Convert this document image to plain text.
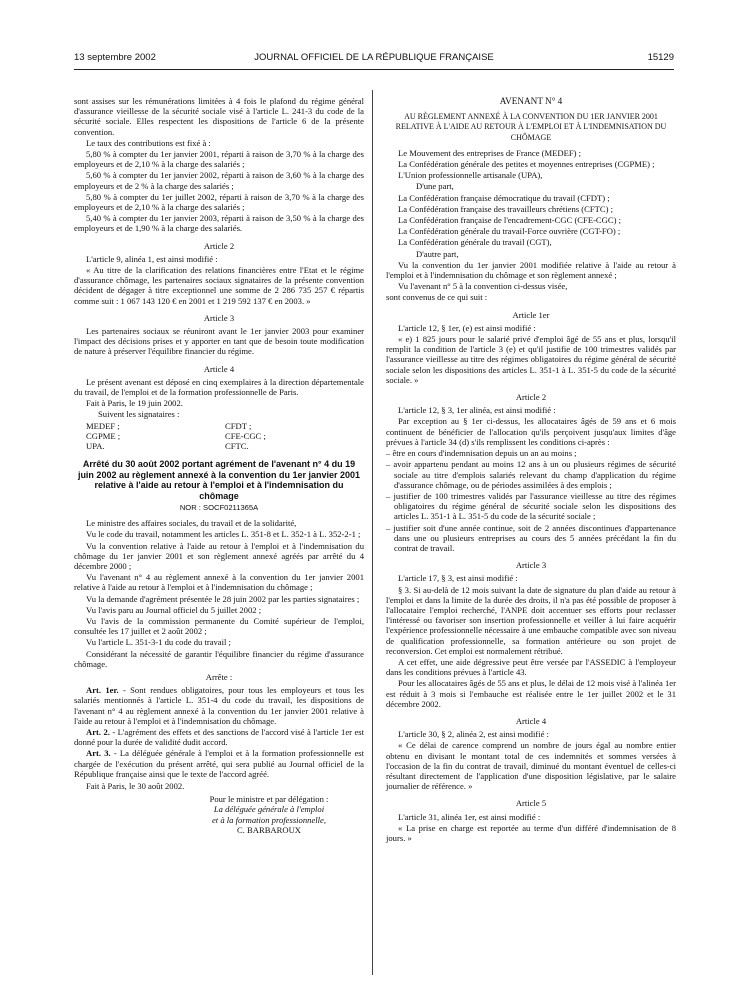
13 septembre 2002	JOURNAL OFFICIEL DE LA RÉPUBLIQUE FRANÇAISE	15129

sont assises sur les rémunérations limitées à 4 fois le plafond du régime général d'assurance vieillesse de la sécurité sociale visé à l'article L. 241-3 du code de la sécurité sociale. Elles respectent les dispositions de l'article 6 de la présente convention.

Le taux des contributions est fixé à :

5,80 % à compter du 1er janvier 2001, réparti à raison de 3,70 % à la charge des employeurs et de 2,10 % à la charge des salariés ;

5,60 % à compter du 1er janvier 2002, réparti à raison de 3,60 % à la charge des employeurs et de 2 % à la charge des salariés ;

5,80 % à compter du 1er juillet 2002, réparti à raison de 3,70 % à la charge des employeurs et de 2,10 % à la charge des salariés ;

5,40 % à compter du 1er janvier 2003, réparti à raison de 3,50 % à la charge des employeurs et de 1,90 % à la charge des salariés.

Article 2

L'article 9, alinéa 1, est ainsi modifié :

« Au titre de la clarification des relations financières entre l'Etat et le régime d'assurance chômage, les partenaires sociaux signataires de la présente convention décident de dégager à titre exceptionnel une somme de 2 286 735 257 € répartis comme suit : 1 067 143 120 € en 2001 et 1 219 592 137 € en 2003. »

Article 3

Les partenaires sociaux se réuniront avant le 1er janvier 2003 pour examiner l'impact des décisions prises et y apporter en tant que de besoin toute modification de nature à préserver l'équilibre financier du régime.

Article 4

Le présent avenant est déposé en cinq exemplaires à la direction départementale du travail, de l'emploi et de la formation professionnelle de Paris.

Fait à Paris, le 19 juin 2002.

Suivent les signataires :

MEDEF ;	CFDT ;
CGPME ;	CFE-CGC ;
UPA.	CFTC.
Arrêté du 30 août 2002 portant agrément de l'avenant n° 4 du 19 juin 2002 au règlement annexé à la convention du 1er janvier 2001 relative à l'aide au retour à l'emploi et à l'indemnisation du chômage
NOR : SOCF0211365A

Le ministre des affaires sociales, du travail et de la solidarité,

Vu le code du travail, notamment les articles L. 351-8 et L. 352-1 à L. 352-2-1 ;

Vu la convention relative à l'aide au retour à l'emploi et à l'indemnisation du chômage du 1er janvier 2001 et son règlement annexé agréés par arrêté du 4 décembre 2000 ;

Vu l'avenant n° 4 au règlement annexé à la convention du 1er janvier 2001 relative à l'aide au retour à l'emploi et à l'indemnisation du chômage ;

Vu la demande d'agrément présentée le 28 juin 2002 par les parties signataires ;

Vu l'avis paru au Journal officiel du 5 juillet 2002 ;

Vu l'avis de la commission permanente du Comité supérieur de l'emploi, consultée les 17 juillet et 2 août 2002 ;

Vu l'article L. 351-3-1 du code du travail ;

Considérant la nécessité de garantir l'équilibre financier du régime d'assurance chômage.

Arrête :

Art. 1er. - Sont rendues obligatoires, pour tous les employeurs et tous les salariés mentionnés à l'article L. 351-4 du code du travail, les dispositions de l'avenant n° 4 au règlement annexé à la convention du 1er janvier 2001 relative à l'aide au retour à l'emploi et à l'indemnisation du chômage.

Art. 2. - L'agrément des effets et des sanctions de l'accord visé à l'article 1er est donné pour la durée de validité dudit accord.

Art. 3. - La déléguée générale à l'emploi et à la formation professionnelle est chargée de l'exécution du présent arrêté, qui sera publié au Journal officiel de la République française ainsi que le texte de l'accord agréé.

Fait à Paris, le 30 août 2002.

Pour le ministre et par délégation :
La déléguée générale à l'emploi
et à la formation professionnelle,
C. BARBAROUX
AVENANT N° 4

AU RÈGLEMENT ANNEXÉ À LA CONVENTION DU 1ER JANVIER 2001 RELATIVE À L'AIDE AU RETOUR À L'EMPLOI ET À L'INDEMNISATION DU CHÔMAGE

Le Mouvement des entreprises de France (MEDEF) ;

La Confédération générale des petites et moyennes entreprises (CGPME) ;

L'Union professionnelle artisanale (UPA),

D'une part,

La Confédération française démocratique du travail (CFDT) ;

La Confédération française des travailleurs chrétiens (CFTC) ;

La Confédération française de l'encadrement-CGC (CFE-CGC) ;

La Confédération générale du travail-Force ouvrière (CGT-FO) ;

La Confédération générale du travail (CGT),

D'autre part,

Vu la convention du 1er janvier 2001 modifiée relative à l'aide au retour à l'emploi et à l'indemnisation du chômage et son règlement annexé ;

Vu l'avenant n° 5 à la convention ci-dessus visée,

sont convenus de ce qui suit :

Article 1er

L'article 12, § 1er, (e) est ainsi modifié :

« e) 1 825 jours pour le salarié privé d'emploi âgé de 55 ans et plus, lorsqu'il remplit la condition de l'article 3 (e) et qu'il justifie de 100 trimestres validés par l'assurance vieillesse au titre des régimes obligatoires du régime général de sécurité sociale selon les dispositions des articles L. 351-1 à L. 351-5 du code de la sécurité sociale. »

Article 2

L'article 12, § 3, 1er alinéa, est ainsi modifié :

Par exception au § 1er ci-dessus, les allocataires âgés de 59 ans et 6 mois continuent de bénéficier de l'allocation qu'ils perçoivent jusqu'aux limites d'âge prévues à l'article 34 (d) s'ils remplissent les conditions ci-après :

– être en cours d'indemnisation depuis un an au moins ;

– avoir appartenu pendant au moins 12 ans à un ou plusieurs régimes de sécurité sociale au titre d'emplois salariés relevant du champ d'application du régime d'assurance chômage, ou de périodes assimilées à des emplois ;

– justifier de 100 trimestres validés par l'assurance vieillesse au titre des régimes obligatoires du régime général de sécurité sociale selon les dispositions des articles L. 351-1 à L. 351-5 du code de la sécurité sociale ;

– justifier soit d'une année continue, soit de 2 années discontinues d'appartenance dans une ou plusieurs entreprises au cours des 5 années précédant la fin du contrat de travail.

Article 3

L'article 17, § 3, est ainsi modifié :

§ 3. Si au-delà de 12 mois suivant la date de signature du plan d'aide au retour à l'emploi et dans la limite de la durée des droits, il n'a pas été possible de proposer à l'allocataire l'emploi recherché, l'ANPE doit accentuer ses efforts pour reclasser l'intéressé ou favoriser son insertion professionnelle et veiller à lui faire acquérir l'expérience professionnelle nécessaire à une embauche compatible avec son niveau de qualification professionnelle, sa formation antérieure ou son projet de reconversion. Cet emploi est normalement rétribué.

A cet effet, une aide dégressive peut être versée par l'ASSEDIC à l'employeur dans les conditions prévues à l'article 43.

Pour les allocataires âgés de 55 ans et plus, le délai de 12 mois visé à l'alinéa 1er est réduit à 3 mois si l'embauche est réalisée entre le 1er juillet 2002 et le 31 décembre 2002.

Article 4

L'article 30, § 2, alinéa 2, est ainsi modifié :

« Ce délai de carence comprend un nombre de jours égal au nombre entier obtenu en divisant le montant total de ces indemnités et sommes versées à l'occasion de la fin du contrat de travail, diminué du montant éventuel de celles-ci résultant directement de l'application d'une disposition législative, par le salaire journalier de référence. »

Article 5

L'article 31, alinéa 1er, est ainsi modifié :

« La prise en charge est reportée au terme d'un différé d'indemnisation de 8 jours. »
